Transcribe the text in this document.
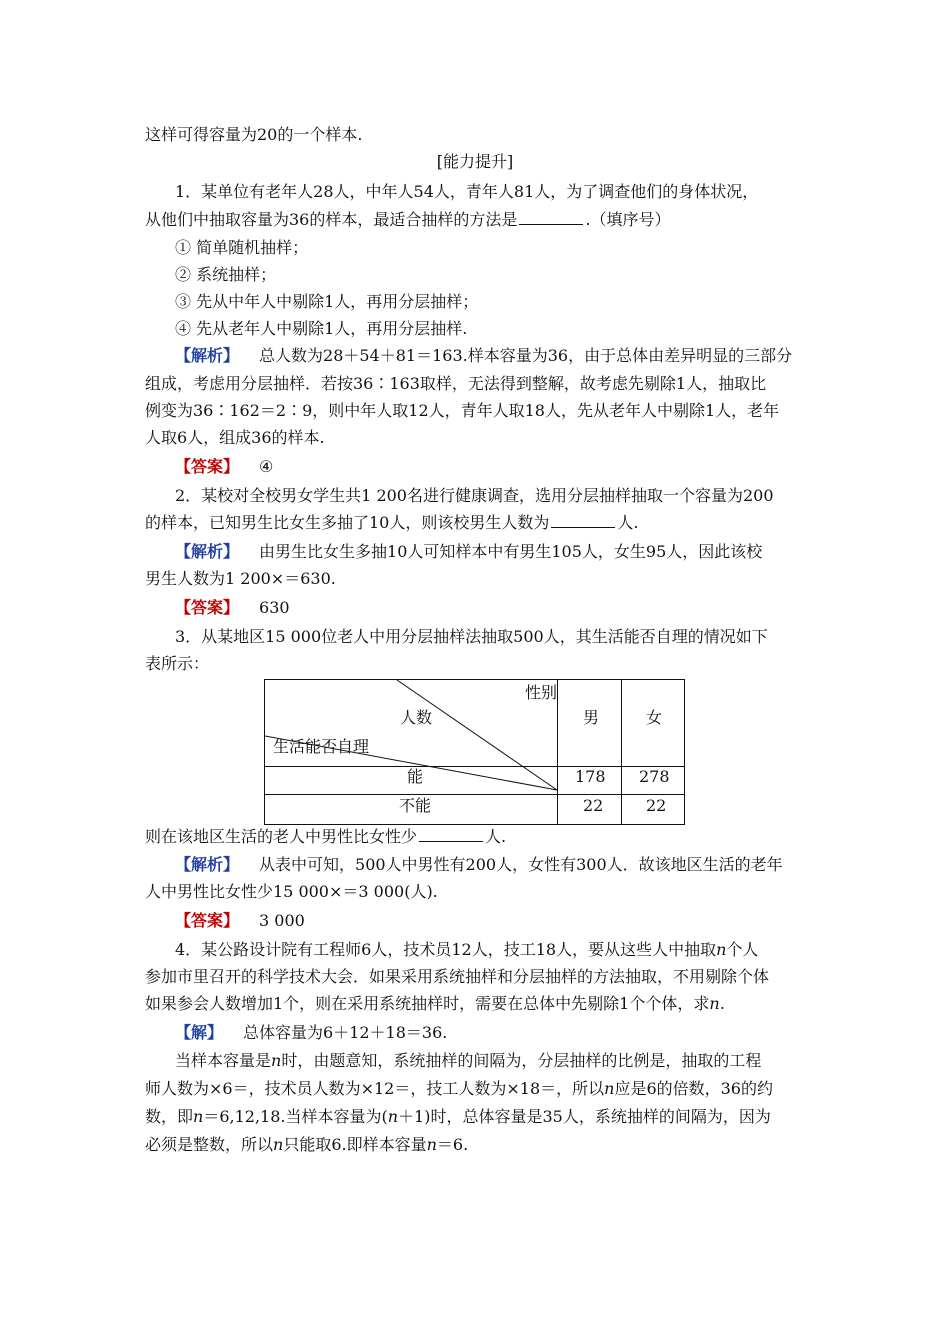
这样可得容量为20的一个样本.
[能力提升]
1．某单位有老年人28人，中年人54人，青年人81人，为了调查他们的身体状况，
从他们中抽取容量为36的样本，最适合抽样的方法是	.（填序号）
① 简单随机抽样；
② 系统抽样；
③ 先从中年人中剔除1人，再用分层抽样；
④ 先从老年人中剔除1人，再用分层抽样.
【解析】 总人数为28＋54＋81＝163.样本容量为36，由于总体由差异明显的三部分
组成，考虑用分层抽样．若按36∶163取样，无法得到整解，故考虑先剔除1人，抽取比
例变为36∶162＝2∶9，则中年人取12人，青年人取18人，先从老年人中剔除1人，老年
人取6人，组成36的样本.
【答案】 ④
2．某校对全校男女学生共1 200名进行健康调查，选用分层抽样抽取一个容量为200
的样本，已知男生比女生多抽了10人，则该校男生人数为	人.
【解析】 由男生比女生多抽10人可知样本中有男生105人，女生95人，因此该校
男生人数为1 200×＝630.
【答案】 630
3．从某地区15 000位老人中用分层抽样法抽取500人，其生活能否自理的情况如下
表所示：
性别
人数
生活能否自理
男	女
能	178 278
不能	22	22
则在该地区生活的老人中男性比女性少	人.
【解析】 从表中可知，500人中男性有200人，女性有300人．故该地区生活的老年
人中男性比女性少15 000×＝3 000(人).
【答案】 3 000
4．某公路设计院有工程师6人，技术员12人，技工18人，要从这些人中抽取n个人
参加市里召开的科学技术大会．如果采用系统抽样和分层抽样的方法抽取，不用剔除个体
如果参会人数增加1个，则在采用系统抽样时，需要在总体中先剔除1个个体，求n.
【解】 总体容量为6＋12＋18＝36.
当样本容量是n时，由题意知，系统抽样的间隔为，分层抽样的比例是，抽取的工程
师人数为×6＝，技术员人数为×12＝，技工人数为×18＝，所以n应是6的倍数，36的约
数，即n＝6,12,18.当样本容量为(n＋1)时，总体容量是35人，系统抽样的间隔为，因为
必须是整数，所以n只能取6.即样本容量n＝6.
